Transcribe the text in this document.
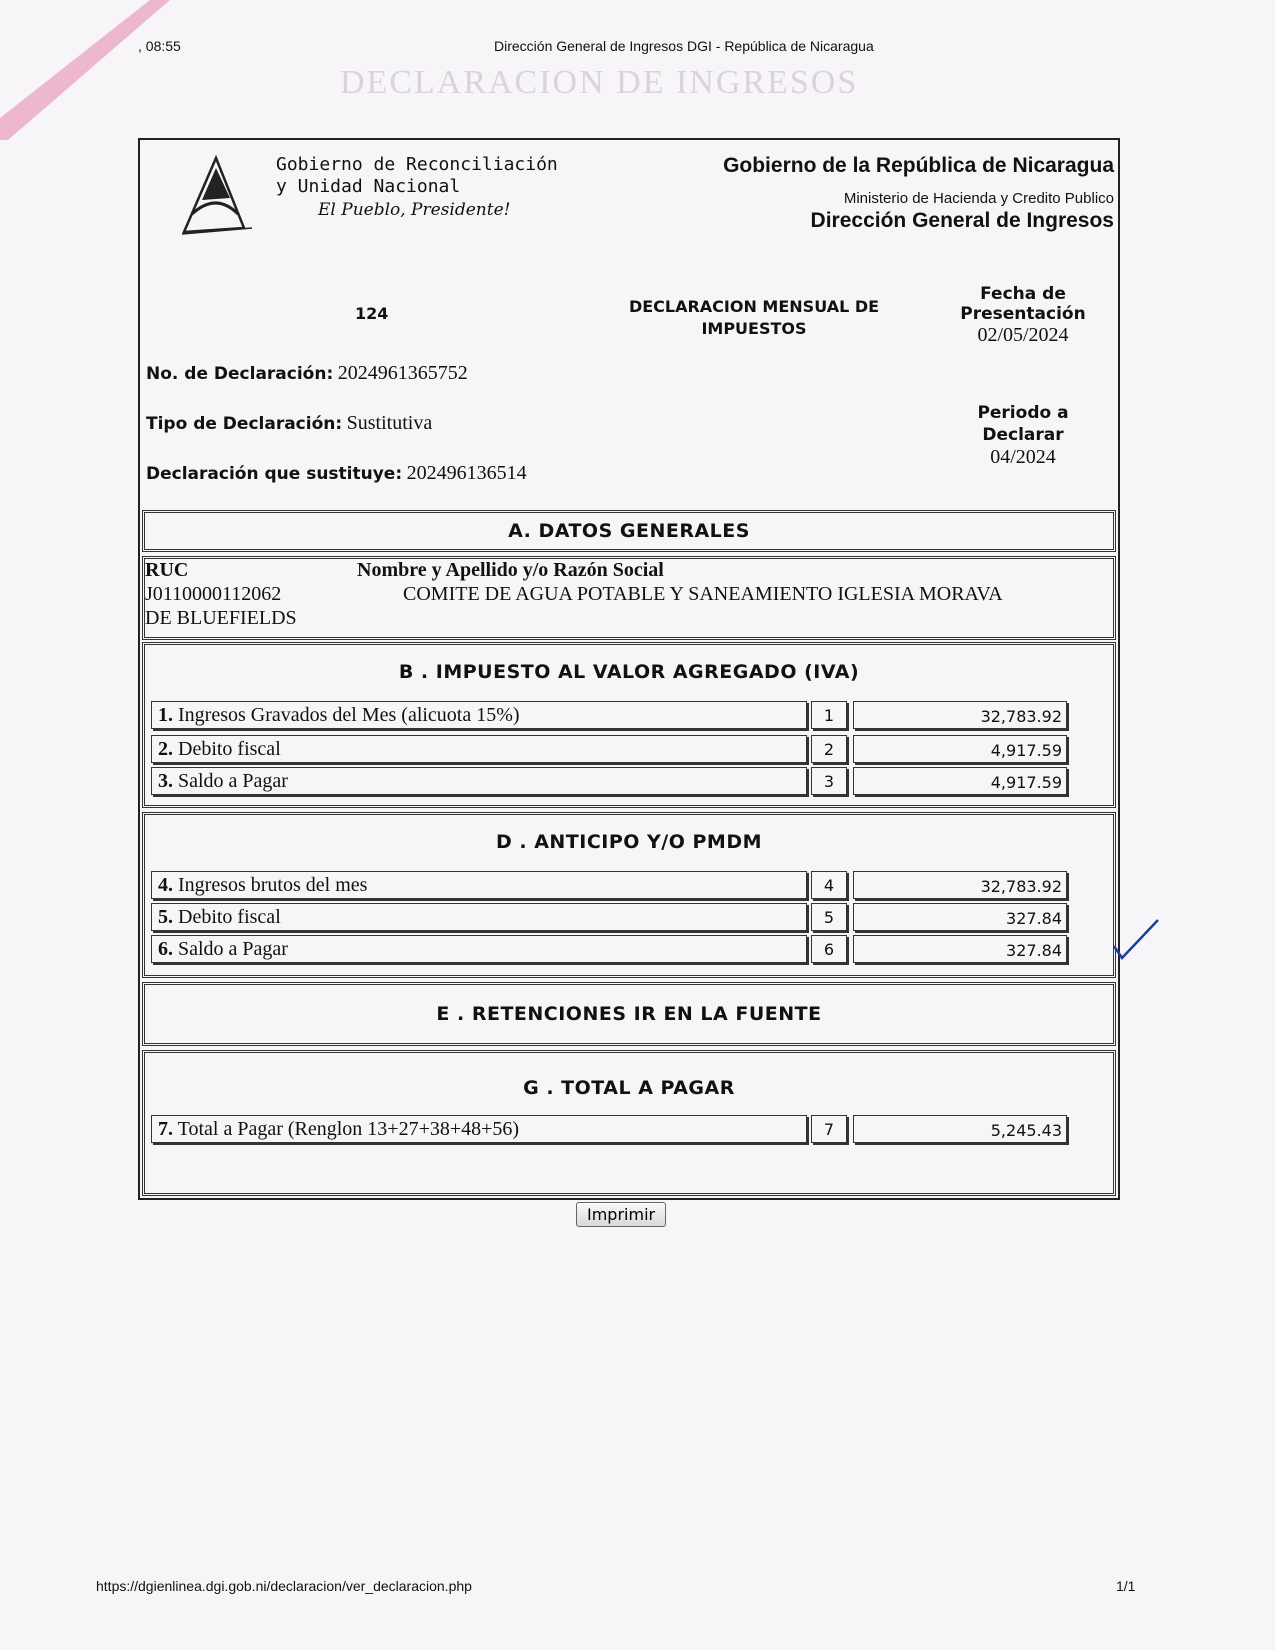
DECLARACION DE INGRESOS
, 08:55	Dirección General de Ingresos DGI - República de Nicaragua
Gobierno de Reconciliación
y Unidad Nacional
El Pueblo, Presidente!
Gobierno de la República de Nicaragua
Ministerio de Hacienda y Credito Publico
Dirección General de Ingresos
124	DECLARACION MENSUAL DE IMPUESTOS
Fecha de
Presentación
02/05/2024
No. de Declaración: 2024961365752
Tipo de Declaración: Sustitutiva
Declaración que sustituye: 202496136514
Periodo a
Declarar
04/2024
A. DATOS GENERALES
RUC	Nombre y Apellido y/o Razón Social
J0110000112062	COMITE DE AGUA POTABLE Y SANEAMIENTO IGLESIA MORAVA
DE BLUEFIELDS
B . IMPUESTO AL VALOR AGREGADO (IVA)
1. Ingresos Gravados del Mes (alicuota 15%)	1	32,783.92
2. Debito fiscal	2	4,917.59
3. Saldo a Pagar	3	4,917.59
D . ANTICIPO Y/O PMDM
4. Ingresos brutos del mes	4	32,783.92
5. Debito fiscal	5	327.84
6. Saldo a Pagar	6	327.84
E . RETENCIONES IR EN LA FUENTE
G . TOTAL A PAGAR
7. Total a Pagar (Renglon 13+27+38+48+56)	7	5,245.43
Imprimir
https://dgienlinea.dgi.gob.ni/declaracion/ver_declaracion.php	1/1
